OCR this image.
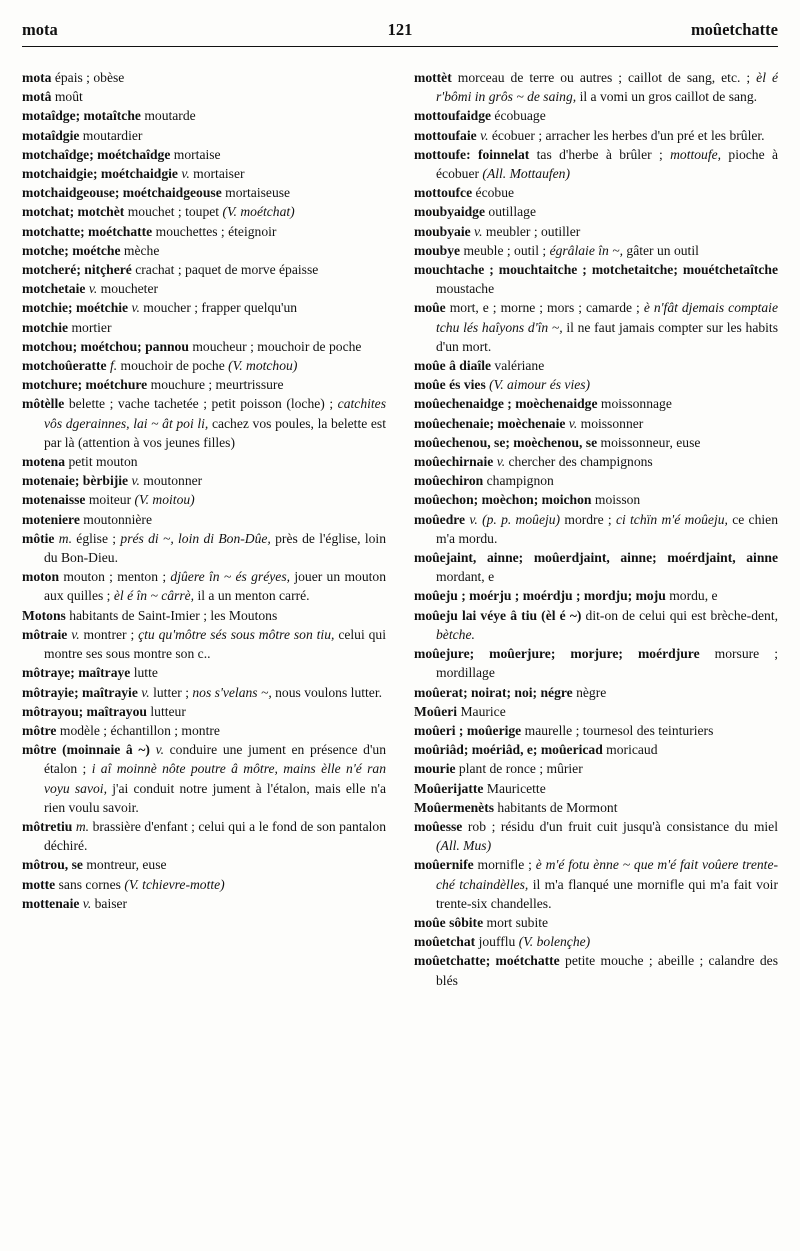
121
mota	moûetchatte

mota épais ; obèse

motâ moût

motaîdge; motaîtche moutarde

motaîdgie moutardier

motchaîdge; moétchaîdge mortaise

motchaidgie; moétchaidgie v. mortaiser

motchaidgeouse; moétchaidgeouse mortaiseuse

motchat; motchèt mouchet ; toupet (V. moétchat)

motchatte; moétchatte mouchettes ; éteignoir

motche; moétche mèche

motcheré; nitçheré crachat ; paquet de morve épaisse

motchetaie v. moucheter

motchie; moétchie v. moucher ; frapper quelqu'un

motchie mortier

motchou; moétchou; pannou moucheur ; mouchoir de poche

motchoûeratte f. mouchoir de poche (V. motchou)

motchure; moétchure mouchure ; meurtrissure

môtèlle belette ; vache tachetée ; petit poisson (loche) ; catchites vôs dgerainnes, lai ~ ât poi li, cachez vos poules, la belette est par là (attention à vos jeunes filles)

motena petit mouton

motenaie; bèrbijie v. moutonner

motenaisse moiteur (V. moitou)

moteniere moutonnière

môtie m. église ; prés di ~, loin di Bon-Dûe, près de l'église, loin du Bon-Dieu.

moton mouton ; menton ; djûere în ~ és gréyes, jouer un mouton aux quilles ; èl é în ~ cârrè, il a un menton carré.

Motons habitants de Saint-Imier ; les Moutons

môtraie v. montrer ; çtu qu'môtre sés sous môtre son tiu, celui qui montre ses sous montre son c..

môtraye; maîtraye lutte

môtrayie; maîtrayie v. lutter ; nos s'velans ~, nous voulons lutter.

môtrayou; maîtrayou lutteur

môtre modèle ; échantillon ; montre

môtre (moinnaie â ~) v. conduire une jument en présence d'un étalon ; i aî moinnè nôte poutre â môtre, mains èlle n'é ran voyu savoi, j'ai conduit notre jument à l'étalon, mais elle n'a rien voulu savoir.

môtretiu m. brassière d'enfant ; celui qui a le fond de son pantalon déchiré.

môtrou, se montreur, euse

motte sans cornes (V. tchievre-motte)

mottenaie v. baiser

mottèt morceau de terre ou autres ; caillot de sang, etc. ; èl é r'bômi in grôs ~ de saing, il a vomi un gros caillot de sang.

mottoufaidge écobuage

mottoufaie v. écobuer ; arracher les herbes d'un pré et les brûler.

mottoufe: foinnelat tas d'herbe à brûler ; mottoufe, pioche à écobuer (All. Mottaufen)

mottoufce écobue

moubyaidge outillage

moubyaie v. meubler ; outiller

moubye meuble ; outil ; égrâlaie în ~, gâter un outil

mouchtache ; mouchtaitche ; motchetaitche; mouétchetaîtche moustache

moûe mort, e ; morne ; mors ; camarde ; è n'fât djemais comptaie tchu lés haîyons d'în ~, il ne faut jamais compter sur les habits d'un mort.

moûe â diaîle valériane

moûe és vies (V. aimour és vies)

moûechenaidge ; moèchenaidge moissonnage

moûechenaie; moèchenaie v. moissonner

moûechenou, se; moèchenou, se moissonneur, euse

moûechirnaie v. chercher des champignons

moûechiron champignon

moûechon; moèchon; moichon moisson

moûedre v. (p. p. moûeju) mordre ; ci tchïn m'é moûeju, ce chien m'a mordu.

moûejaint, ainne; moûerdjaint, ainne; moérdjaint, ainne mordant, e

moûeju ; moérju ; moérdju ; mordju; moju mordu, e

moûeju lai véye â tiu (èl é ~) dit-on de celui qui est brèche-dent, bètche.

moûejure; moûerjure; morjure; moérdjure morsure ; mordillage

moûerat; noirat; noi; négre nègre

Moûeri Maurice

moûeri ; moûerige maurelle ; tournesol des teinturiers

moûriâd; moériâd, e; moûericad moricaud

mourie plant de ronce ; mûrier

Moûerijatte Mauricette

Moûermenèts habitants de Mormont

moûesse rob ; résidu d'un fruit cuit jusqu'à consistance du miel (All. Mus)

moûernife mornifle ; è m'é fotu ènne ~ que m'é fait voûere trente-ché tchaindèlles, il m'a flanqué une mornifle qui m'a fait voir trente-six chandelles.

moûe sôbite mort subite

moûetchat joufflu (V. bolençhe)

moûetchatte; moétchatte petite mouche ; abeille ; calandre des blés
